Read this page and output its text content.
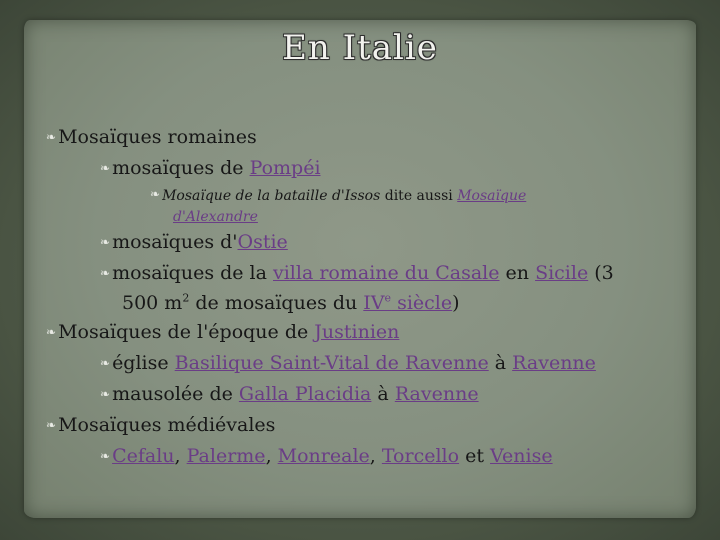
En Italie
❧ Mosaïques romaines
❧ mosaïques de Pompéi
❧ Mosaïque de la bataille d'Issos dite aussi Mosaïque
d'Alexandre
❧ mosaïques d'Ostie
❧ mosaïques de la villa romaine du Casale en Sicile (3
500 $m^2$ de mosaïques du IVe siècle)
❧ Mosaïques de l'époque de Justinien
❧ église Basilique Saint-Vital de Ravenne à Ravenne
❧ mausolée de Galla Placidia à Ravenne
❧ Mosaïques médiévales
❧ Cefalu, Palerme, Monreale, Torcello et Venise
